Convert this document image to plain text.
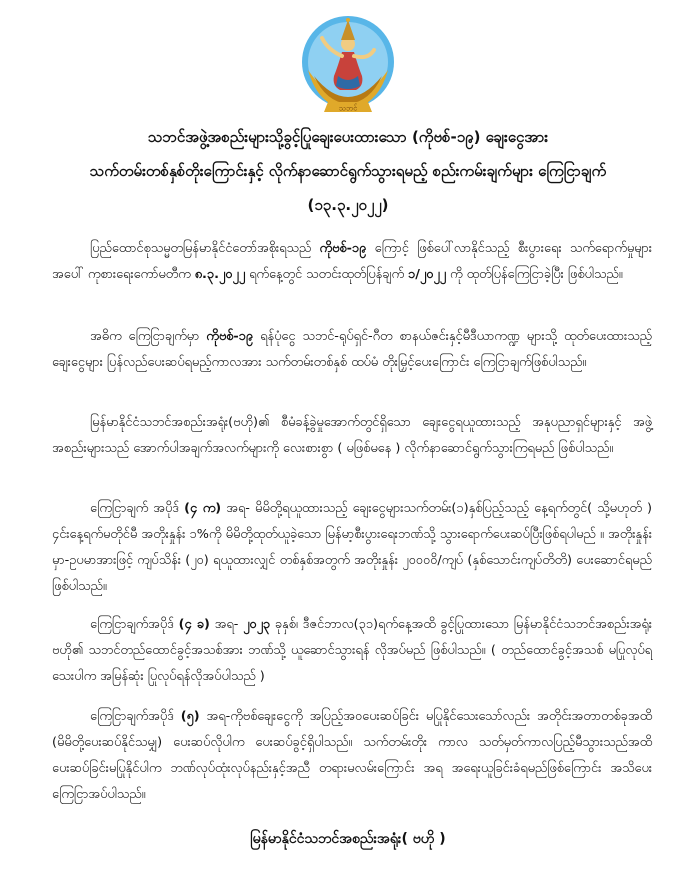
သဘင်
သဘင်အဖွဲ့အစည်းများသို့ခွင့်ပြုချေးပေးထားသော (ကိုဗစ်-၁၉) ချေးငွေအား
သက်တမ်းတစ်နှစ်တိုးကြောင်းနှင့် လိုက်နာဆောင်ရွက်သွားရမည့် စည်းကမ်းချက်များ ကြေငြာချက်
(၁၃.၃.၂၀၂၂)
ပြည်ထောင်စုသမ္မတမြန်မာနိုင်ငံတော်အစိုးရသည် ကိုဗစ်-၁၉ ကြောင့် ဖြစ်ပေါ်လာနိုင်သည့် စီးပွားရေး သက်ရောက်မှုများအပေါ် ကုစားရေးကော်မတီက ၈.၃.၂၀၂၂ ရက်နေ့တွင် သတင်းထုတ်ပြန်ချက် ၁/၂၀၂၂ ကို ထုတ်ပြန်ကြေငြာခဲ့ပြီး ဖြစ်ပါသည်။
အဓိက ကြေငြာချက်မှာ ကိုဗစ်-၁၉ ရန်ပုံငွေ သဘင်-ရုပ်ရှင်-ဂီတ စာနယ်ဇင်းနှင့်မီဒီယာကဏ္ဍ များသို့ ထုတ်ပေးထားသည့်ချေးငွေများ ပြန်လည်ပေးဆပ်ရမည့်ကာလအား သက်တမ်းတစ်နှစ် ထပ်မံ တိုးမြှင့်ပေးကြောင်း ကြေငြာချက်ဖြစ်ပါသည်။
မြန်မာနိုင်ငံသဘင်အစည်းအရုံး(ဗဟို)၏ စီမံခန့်ခွဲမှုအောက်တွင်ရှိသော ချေးငွေရယူထားသည့် အနုပညာရှင်များနှင့် အဖွဲ့အစည်းများသည် အောက်ပါအချက်အလက်များကို လေးစားစွာ ( မဖြစ်မနေ ) လိုက်နာဆောင်ရွက်သွားကြရမည် ဖြစ်ပါသည်။
ကြေငြာချက် အပိုဒ် (၄ က) အရ- မိမိတို့ရယူထားသည့် ချေးငွေများသက်တမ်း(၁)နှစ်ပြည့်သည့် နေ့ရက်တွင်( သို့မဟုတ် ) ၄င်းနေ့ရက်မတိုင်မီ အတိုးနှုန်း ၁%ကို မိမိတို့ထုတ်ယူခဲ့သော မြန်မာ့စီးပွားရေးဘဏ်သို့ သွားရောက်ပေးဆပ်ပြီးဖြစ်ရပါမည် ။ အတိုးနှုန်းမှာ-ဥပမာအားဖြင့် ကျပ်သိန်း (၂၀) ရယူထားလျှင် တစ်နှစ်အတွက် အတိုးနှုန်း ၂၀၀၀၀ိ/ကျပ် (နှစ်သောင်းကျပ်တိတိ) ပေးဆောင်ရမည် ဖြစ်ပါသည်။
ကြေငြာချက်အပိုဒ် (၄ ခ) အရ- ၂၀၂၃ ခုနှစ်၊ ဒီဇင်ဘာလ(၃၁)ရက်နေ့အထိ ခွင့်ပြုထားသော မြန်မာနိုင်ငံသဘင်အစည်းအရုံးဗဟို၏ သဘင်တည်ထောင်ခွင့်အသစ်အား ဘဏ်သို့ ယူဆောင်သွားရန် လိုအပ်မည် ဖြစ်ပါသည်။ ( တည်ထောင်ခွင့်အသစ် မပြုလုပ်ရသေးပါက အမြန်ဆုံး ပြုလုပ်ရန်လိုအပ်ပါသည် )
ကြေငြာချက်အပိုဒ် (၅) အရ-ကိုဗစ်ချေးငွေကို အပြည့်အဝပေးဆပ်ခြင်း မပြုနိုင်သေးသော်လည်း အတိုင်းအတာတစ်ခုအထိ (မိမိတို့ပေးဆပ်နိုင်သမျှ) ပေးဆပ်လိုပါက ပေးဆပ်ခွင့်ရှိပါသည်။ သက်တမ်းတိုး ကာလ သတ်မှတ်ကာလပြည့်မီသွားသည်အထိ ပေးဆပ်ခြင်းမပြုနိုင်ပါက ဘဏ်လုပ်ထုံးလုပ်နည်းနှင့်အညီ တရားမလမ်းကြောင်း အရ အရေးယူခြင်းခံရမည်ဖြစ်ကြောင်း အသိပေးကြေငြာအပ်ပါသည်။
မြန်မာနိုင်ငံသဘင်အစည်းအရုံး( ဗဟို )
